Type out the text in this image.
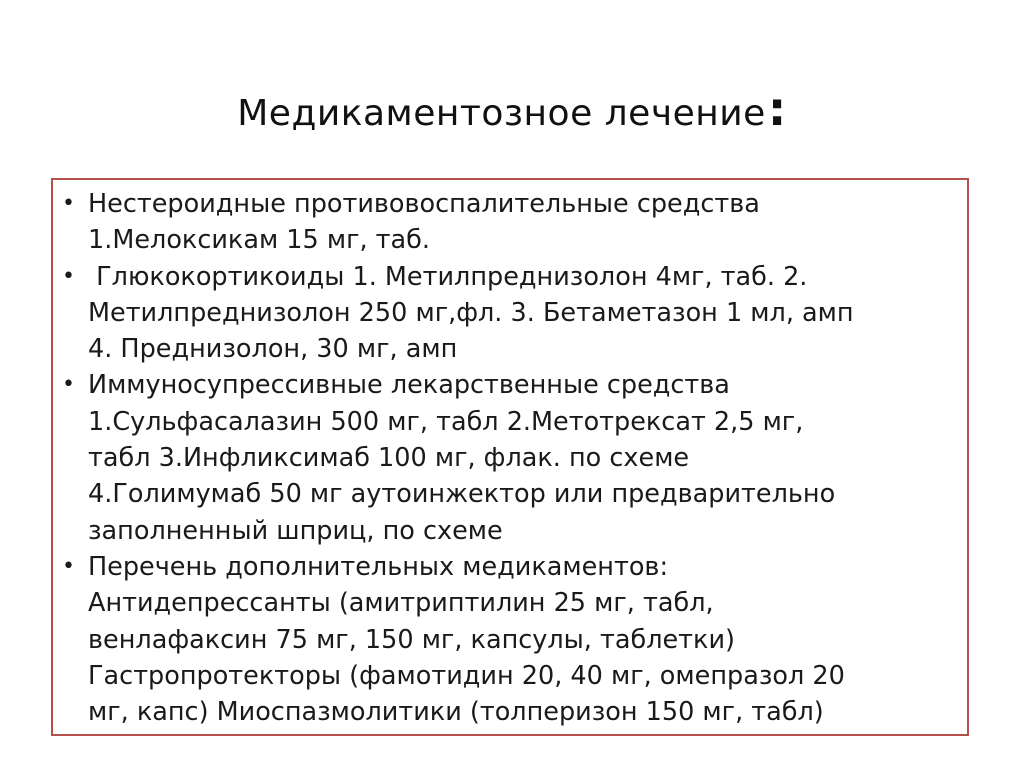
Медикаментозное лечение:
• Нестероидные противовоспалительные средства
1.Мелоксикам 15 мг, таб.
• Глюкокортикоиды 1. Метилпреднизолон 4мг, таб. 2.
Метилпреднизолон 250 мг,фл. 3. Бетаметазон 1 мл, амп
4. Преднизолон, 30 мг, амп
• Иммуносупрессивные лекарственные средства
1.Сульфасалазин 500 мг, табл 2.Метотрексат 2,5 мг,
табл 3.Инфликсимаб 100 мг, флак. по схеме
4.Голимумаб 50 мг аутоинжектор или предварительно
заполненный шприц, по схеме
• Перечень дополнительных медикаментов:
Антидепрессанты (амитриптилин 25 мг, табл,
венлафаксин 75 мг, 150 мг, капсулы, таблетки)
Гастропротекторы (фамотидин 20, 40 мг, омепразол 20
мг, капс) Миоспазмолитики (толперизон 150 мг, табл)
